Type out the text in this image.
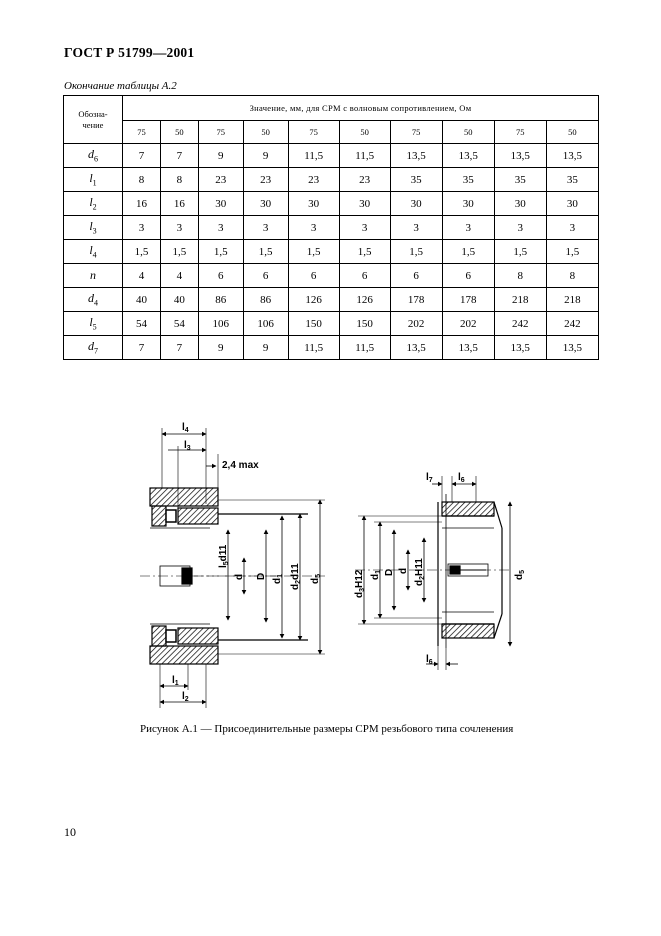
ГОСТ Р 51799—2001
Окончание таблицы А.2
Обозна-
чение	Значение, мм, для СРМ с волновым сопротивлением, Ом									
	75	50	75	50	75	50	75	50	75	50
$d_6$	7	7	9	9	11,5	11,5	13,5	13,5	13,5	13,5
$l_1$	8	8	23	23	23	23	35	35	35	35
$l_2$	16	16	30	30	30	30	30	30	30	30
$l_3$	3	3	3	3	3	3	3	3	3	3
$l_4$	1,5	1,5	1,5	1,5	1,5	1,5	1,5	1,5	1,5	1,5
n	4	4	6	6	6	6	6	6	8	8
$d_4$	40	40	86	86	126	126	178	178	218	218
$l_5$	54	54	106	106	150	150	202	202	242	242
$d_7$	7	7	9	9	11,5	11,5	13,5	13,5	13,5	13,5
$l_4$
$l_3$
2,4 max
$l_1$
$l_2$
$l_5d11$
d D
$d_1$
$d_2d11$
$d_5$
$l_7$	$l_6$
$l_6$
$d_3H12$ $d_1$ D d
$d_2H11$
$d_5$
Рисунок А.1 — Присоединительные размеры СРМ резьбового типа сочленения
10
